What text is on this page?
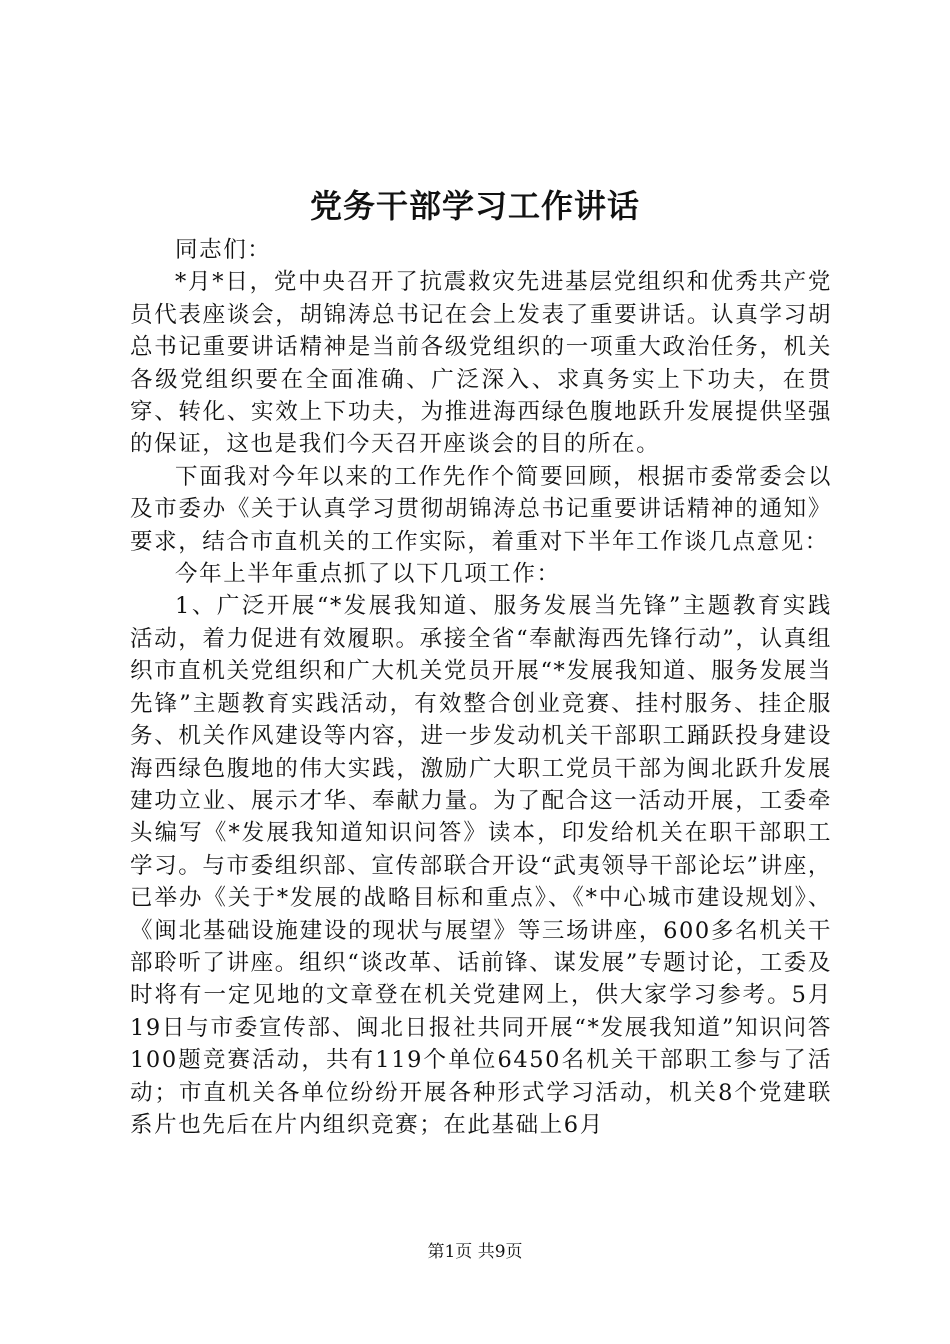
党务干部学习工作讲话

同志们：

*月*日，党中央召开了抗震救灾先进基层党组织和优秀共产党员代表座谈会，胡锦涛总书记在会上发表了重要讲话。认真学习胡总书记重要讲话精神是当前各级党组织的一项重大政治任务，机关各级党组织要在全面准确、广泛深入、求真务实上下功夫，在贯穿、转化、实效上下功夫，为推进海西绿色腹地跃升发展提供坚强的保证，这也是我们今天召开座谈会的目的所在。

下面我对今年以来的工作先作个简要回顾，根据市委常委会以及市委办《关于认真学习贯彻胡锦涛总书记重要讲话精神的通知》要求，结合市直机关的工作实际，着重对下半年工作谈几点意见：

今年上半年重点抓了以下几项工作：

1、广泛开展“*发展我知道、服务发展当先锋”主题教育实践活动，着力促进有效履职。承接全省“奉献海西先锋行动”，认真组织市直机关党组织和广大机关党员开展“*发展我知道、服务发展当先锋”主题教育实践活动，有效整合创业竞赛、挂村服务、挂企服务、机关作风建设等内容，进一步发动机关干部职工踊跃投身建设海西绿色腹地的伟大实践，激励广大职工党员干部为闽北跃升发展建功立业、展示才华、奉献力量。为了配合这一活动开展，工委牵头编写《*发展我知道知识问答》读本，印发给机关在职干部职工学习。与市委组织部、宣传部联合开设“武夷领导干部论坛”讲座，已举办《关于*发展的战略目标和重点》、《*中心城市建设规划》、《闽北基础设施建设的现状与展望》等三场讲座，600多名机关干部聆听了讲座。组织“谈改革、话前锋、谋发展”专题讨论，工委及时将有一定见地的文章登在机关党建网上，供大家学习参考。5月19日与市委宣传部、闽北日报社共同开展“*发展我知道”知识问答100题竞赛活动，共有119个单位6450名机关干部职工参与了活动；市直机关各单位纷纷开展各种形式学习活动，机关8个党建联系片也先后在片内组织竞赛；在此基础上6月

第1页 共9页
